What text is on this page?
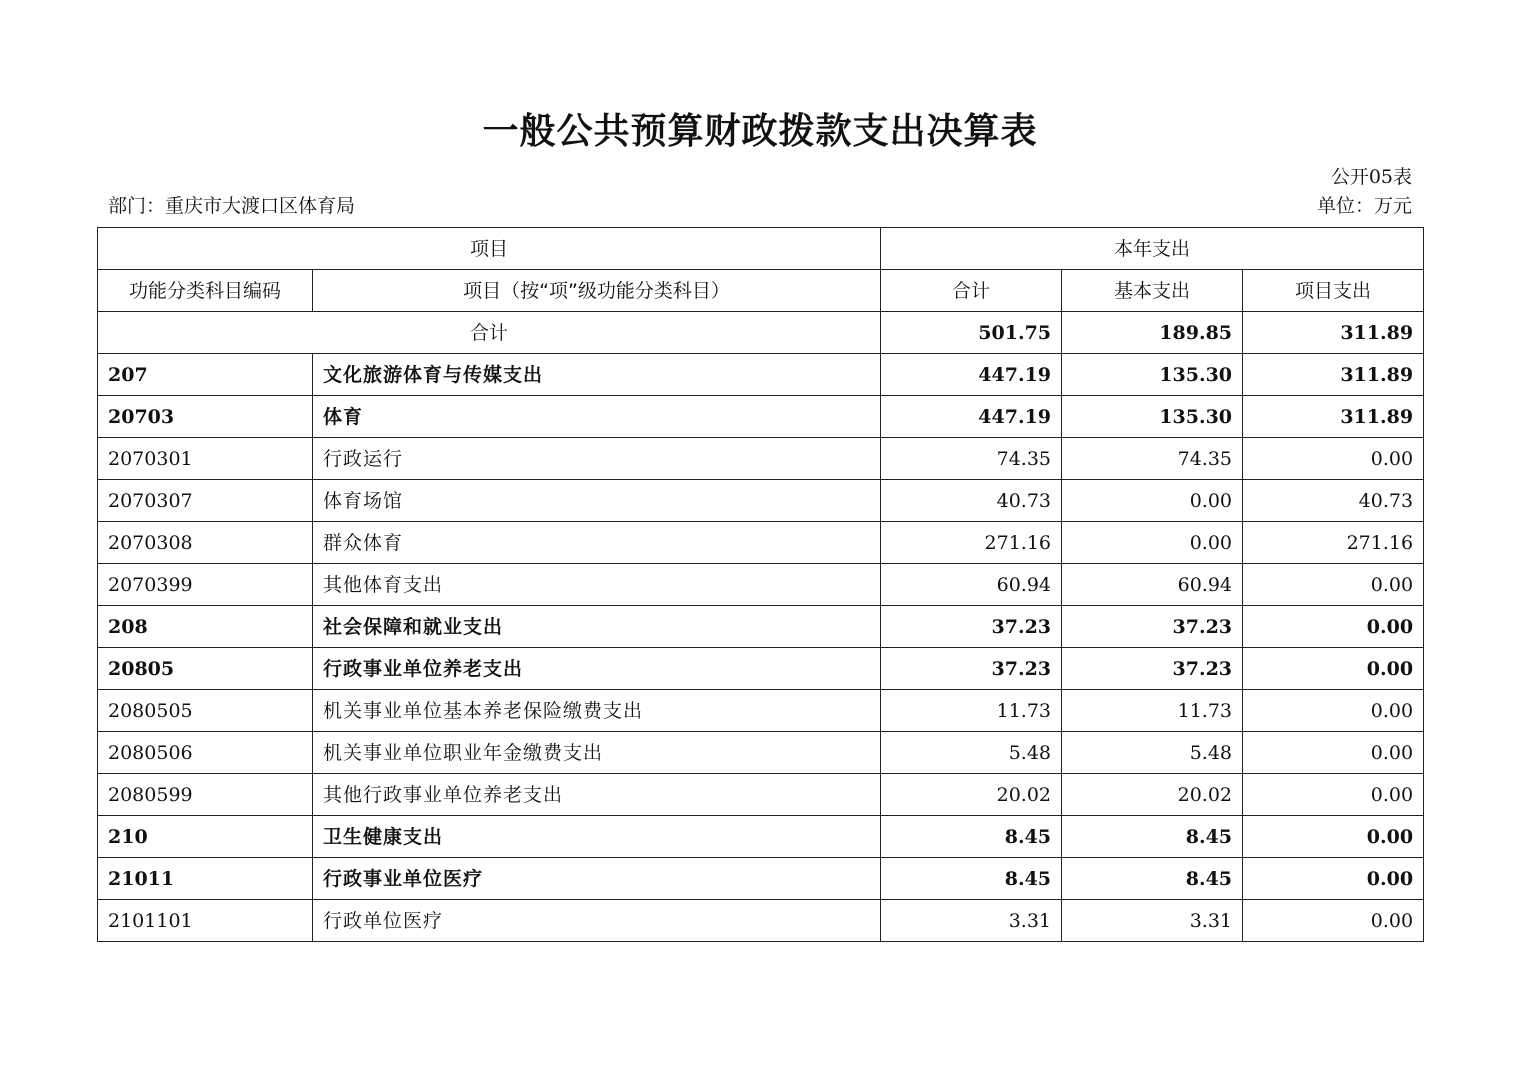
一般公共预算财政拨款支出决算表
公开05表
部门：重庆市大渡口区体育局	单位：万元
项目		本年支出		
功能分类科目编码	项目（按“项”级功能分类科目）	合计	基本支出	项目支出
合计		501.75	189.85	311.89
207	文化旅游体育与传媒支出	447.19	135.30	311.89
20703	体育	447.19	135.30	311.89
2070301	行政运行	74.35	74.35	0.00
2070307	体育场馆	40.73	0.00	40.73
2070308	群众体育	271.16	0.00	271.16
2070399	其他体育支出	60.94	60.94	0.00
208	社会保障和就业支出	37.23	37.23	0.00
20805	行政事业单位养老支出	37.23	37.23	0.00
2080505	机关事业单位基本养老保险缴费支出	11.73	11.73	0.00
2080506	机关事业单位职业年金缴费支出	5.48	5.48	0.00
2080599	其他行政事业单位养老支出	20.02	20.02	0.00
210	卫生健康支出	8.45	8.45	0.00
21011	行政事业单位医疗	8.45	8.45	0.00
2101101	行政单位医疗	3.31	3.31	0.00
